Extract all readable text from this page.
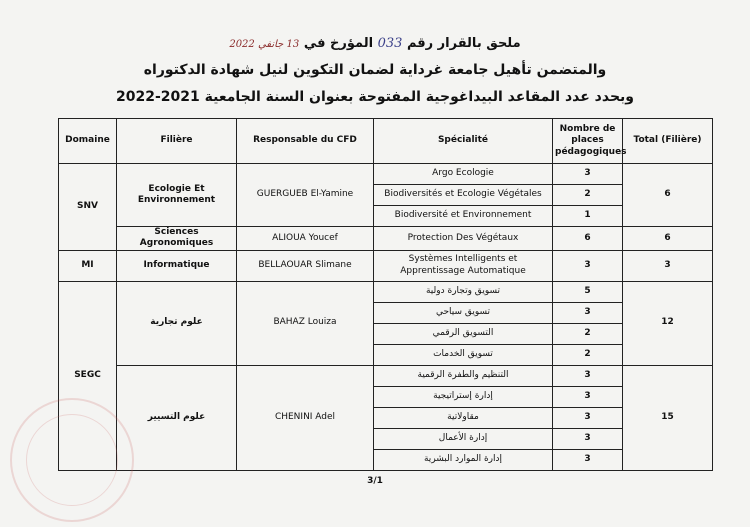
ملحق بالقرار رقم 033 المؤرخ في 13 جانفي 2022
والمتضمن تأهيل جامعة غرداية لضمان التكوين لنيل شهادة الدكتوراه
وبحدد عدد المقاعد البيداغوجية المفتوحة بعنوان السنة الجامعية 2021-2022
Domaine	Filière	Responsable du CFD	Spécialité	Nombre de places pédagogiques	Total (Filière)
SNV	Ecologie Et Environnement	GUERGUEB El-Yamine	Argo Ecologie	3	6
			Biodiversités et Ecologie Végétales	2	
			Biodiversité et Environnement	1	
	Sciences Agronomiques	ALIOUA Youcef	Protection Des Végétaux	6	6
MI	Informatique	BELLAOUAR Slimane	Systèmes Intelligents et Apprentissage Automatique	3	3
SEGC	علوم تجارية	BAHAZ Louiza	تسويق وتجارة دولية	5	12
			تسويق سياحي	3	
			التسويق الرقمي	2	
			تسويق الخدمات	2	
	علوم التسيير	CHENINI Adel	التنظيم والطفرة الرقمية	3	15
			إدارة إستراتيجية	3	
			مقاولاتية	3	
			إدارة الأعمال	3	
			إدارة الموارد البشرية	3	
3/1
